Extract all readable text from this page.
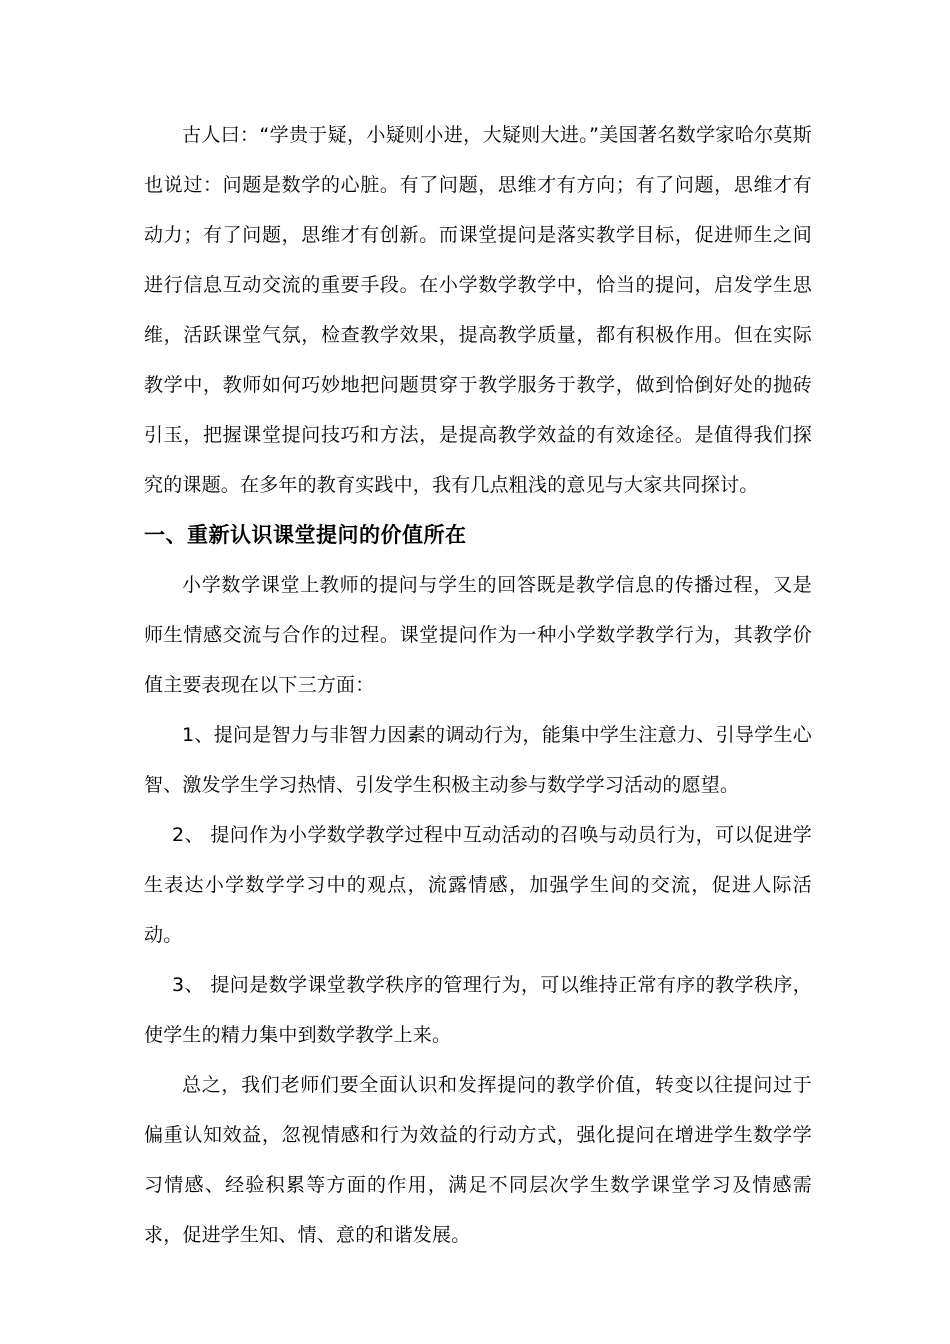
古人曰：“学贵于疑，小疑则小进，大疑则大进。”美国著名数学家哈尔莫斯也说过：问题是数学的心脏。有了问题，思维才有方向；有了问题，思维才有动力；有了问题，思维才有创新。而课堂提问是落实教学目标，促进师生之间进行信息互动交流的重要手段。在小学数学教学中，恰当的提问，启发学生思维，活跃课堂气氛，检查教学效果，提高教学质量，都有积极作用。但在实际教学中，教师如何巧妙地把问题贯穿于教学服务于教学，做到恰倒好处的抛砖引玉，把握课堂提问技巧和方法，是提高教学效益的有效途径。是值得我们探究的课题。在多年的教育实践中，我有几点粗浅的意见与大家共同探讨。

一、重新认识课堂提问的价值所在

小学数学课堂上教师的提问与学生的回答既是教学信息的传播过程，又是师生情感交流与合作的过程。课堂提问作为一种小学数学教学行为，其教学价值主要表现在以下三方面：

1、提问是智力与非智力因素的调动行为，能集中学生注意力、引导学生心智、激发学生学习热情、引发学生积极主动参与数学学习活动的愿望。

2、 提问作为小学数学教学过程中互动活动的召唤与动员行为，可以促进学生表达小学数学学习中的观点，流露情感，加强学生间的交流，促进人际活动。

3、 提问是数学课堂教学秩序的管理行为，可以维持正常有序的教学秩序，使学生的精力集中到数学教学上来。

总之，我们老师们要全面认识和发挥提问的教学价值，转变以往提问过于偏重认知效益，忽视情感和行为效益的行动方式，强化提问在增进学生数学学习情感、经验积累等方面的作用，满足不同层次学生数学课堂学习及情感需求，促进学生知、情、意的和谐发展。
